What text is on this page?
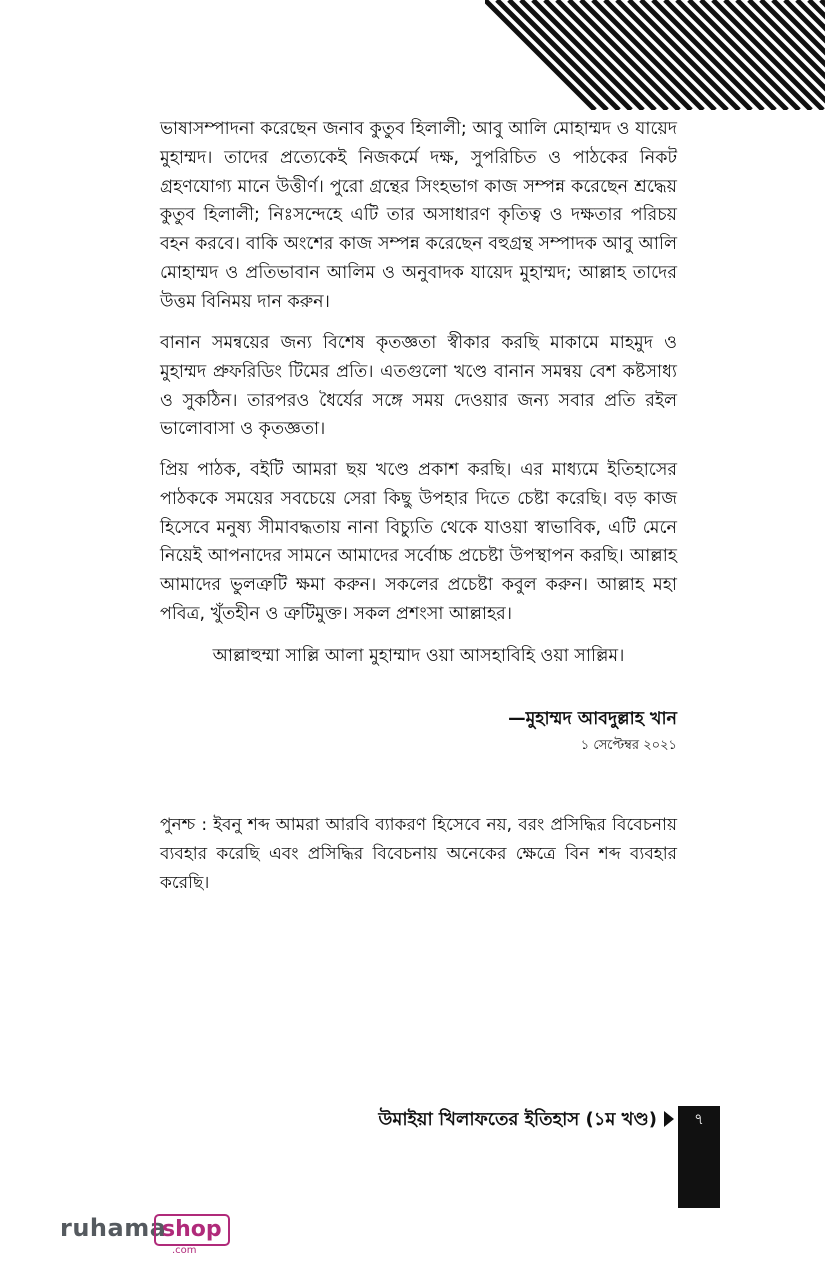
ভাষাসম্পাদনা করেছেন জনাব কুতুব হিলালী; আবু আলি মোহাম্মদ ও যায়েদ মুহাম্মদ। তাদের প্রত্যেকেই নিজকর্মে দক্ষ, সুপরিচিত ও পাঠকের নিকট গ্রহণযোগ্য মানে উত্তীর্ণ। পুরো গ্রন্থের সিংহভাগ কাজ সম্পন্ন করেছেন শ্রদ্ধেয় কুতুব হিলালী; নিঃসন্দেহে এটি তার অসাধারণ কৃতিত্ব ও দক্ষতার পরিচয় বহন করবে। বাকি অংশের কাজ সম্পন্ন করেছেন বহুগ্রন্থ সম্পাদক আবু আলি মোহাম্মদ ও প্রতিভাবান আলিম ও অনুবাদক যায়েদ মুহাম্মদ; আল্লাহ তাদের উত্তম বিনিময় দান করুন।

বানান সমন্বয়ের জন্য বিশেষ কৃতজ্ঞতা স্বীকার করছি মাকামে মাহমুদ ও মুহাম্মদ প্রুফরিডিং টিমের প্রতি। এতগুলো খণ্ডে বানান সমন্বয় বেশ কষ্টসাধ্য ও সুকঠিন। তারপরও ধৈর্যের সঙ্গে সময় দেওয়ার জন্য সবার প্রতি রইল ভালোবাসা ও কৃতজ্ঞতা।

প্রিয় পাঠক, বইটি আমরা ছয় খণ্ডে প্রকাশ করছি। এর মাধ্যমে ইতিহাসের পাঠককে সময়ের সবচেয়ে সেরা কিছু উপহার দিতে চেষ্টা করেছি। বড় কাজ হিসেবে মনুষ্য সীমাবদ্ধতায় নানা বিচ্যুতি থেকে যাওয়া স্বাভাবিক, এটি মেনে নিয়েই আপনাদের সামনে আমাদের সর্বোচ্চ প্রচেষ্টা উপস্থাপন করছি। আল্লাহ আমাদের ভুলত্রুটি ক্ষমা করুন। সকলের প্রচেষ্টা কবুল করুন। আল্লাহ মহা পবিত্র, খুঁতহীন ও ত্রুটিমুক্ত। সকল প্রশংসা আল্লাহর।

আল্লাহুম্মা সাল্লি আলা মুহাম্মাদ ওয়া আসহাবিহি ওয়া সাল্লিম।
—মুহাম্মদ আবদুল্লাহ খান
১ সেপ্টেম্বর ২০২১

পুনশ্চ : ইবনু শব্দ আমরা আরবি ব্যাকরণ হিসেবে নয়, বরং প্রসিদ্ধির বিবেচনায় ব্যবহার করেছি এবং প্রসিদ্ধির বিবেচনায় অনেকের ক্ষেত্রে বিন শব্দ ব্যবহার করেছি।

উমাইয়া খিলাফতের ইতিহাস (১ম খণ্ড)	৭
ruhama
shop
.com
